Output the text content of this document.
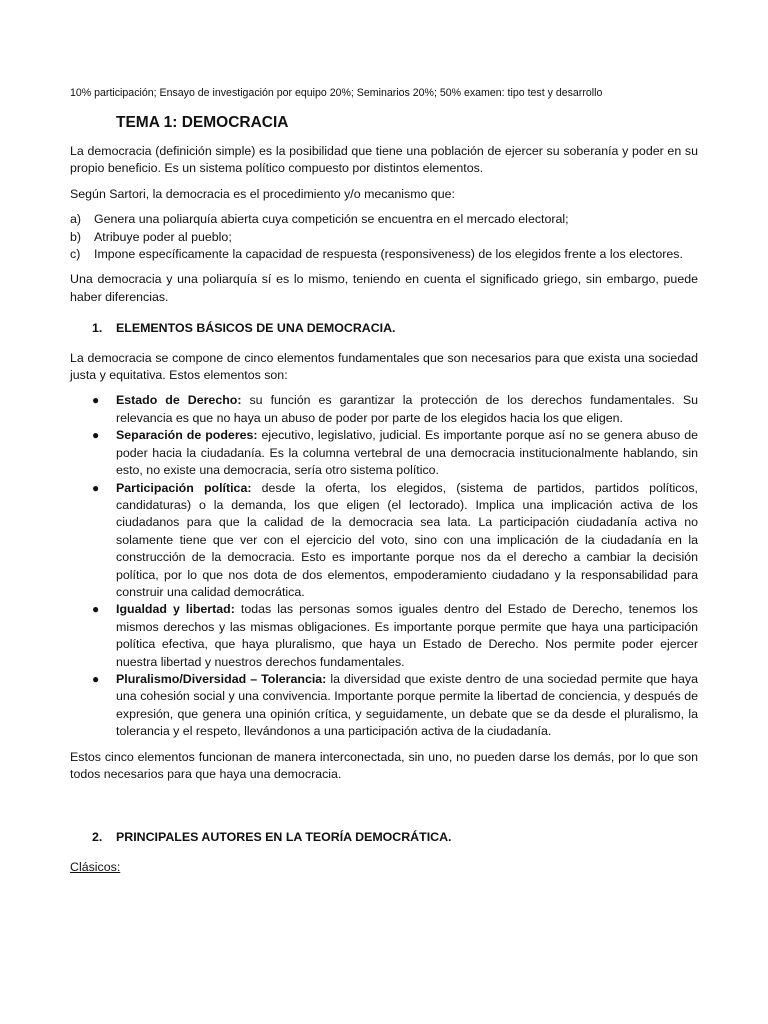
10% participación; Ensayo de investigación por equipo 20%; Seminarios 20%; 50% examen: tipo test y desarrollo
TEMA 1: DEMOCRACIA

La democracia (definición simple) es la posibilidad que tiene una población de ejercer su soberanía y poder en su propio beneficio. Es un sistema político compuesto por distintos elementos.

Según Sartori, la democracia es el procedimiento y/o mecanismo que:

a) Genera una poliarquía abierta cuya competición se encuentra en el mercado electoral;
b) Atribuye poder al pueblo;
c) Impone específicamente la capacidad de respuesta (responsiveness) de los elegidos frente a los electores.

Una democracia y una poliarquía sí es lo mismo, teniendo en cuenta el significado griego, sin embargo, puede haber diferencias.

1. ELEMENTOS BÁSICOS DE UNA DEMOCRACIA.

La democracia se compone de cinco elementos fundamentales que son necesarios para que exista una sociedad justa y equitativa. Estos elementos son:

● Estado de Derecho: su función es garantizar la protección de los derechos fundamentales. Su relevancia es que no haya un abuso de poder por parte de los elegidos hacia los que eligen.
● Separación de poderes: ejecutivo, legislativo, judicial. Es importante porque así no se genera abuso de poder hacia la ciudadanía. Es la columna vertebral de una democracia institucionalmente hablando, sin esto, no existe una democracia, sería otro sistema político.
● Participación política: desde la oferta, los elegidos, (sistema de partidos, partidos políticos, candidaturas) o la demanda, los que eligen (el lectorado). Implica una implicación activa de los ciudadanos para que la calidad de la democracia sea lata. La participación ciudadanía activa no solamente tiene que ver con el ejercicio del voto, sino con una implicación de la ciudadanía en la construcción de la democracia. Esto es importante porque nos da el derecho a cambiar la decisión política, por lo que nos dota de dos elementos, empoderamiento ciudadano y la responsabilidad para construir una calidad democrática.
● Igualdad y libertad: todas las personas somos iguales dentro del Estado de Derecho, tenemos los mismos derechos y las mismas obligaciones. Es importante porque permite que haya una participación política efectiva, que haya pluralismo, que haya un Estado de Derecho. Nos permite poder ejercer nuestra libertad y nuestros derechos fundamentales.
● Pluralismo/Diversidad – Tolerancia: la diversidad que existe dentro de una sociedad permite que haya una cohesión social y una convivencia. Importante porque permite la libertad de conciencia, y después de expresión, que genera una opinión crítica, y seguidamente, un debate que se da desde el pluralismo, la tolerancia y el respeto, llevándonos a una participación activa de la ciudadanía.

Estos cinco elementos funcionan de manera interconectada, sin uno, no pueden darse los demás, por lo que son todos necesarios para que haya una democracia.

2. PRINCIPALES AUTORES EN LA TEORÍA DEMOCRÁTICA.

Clásicos:
